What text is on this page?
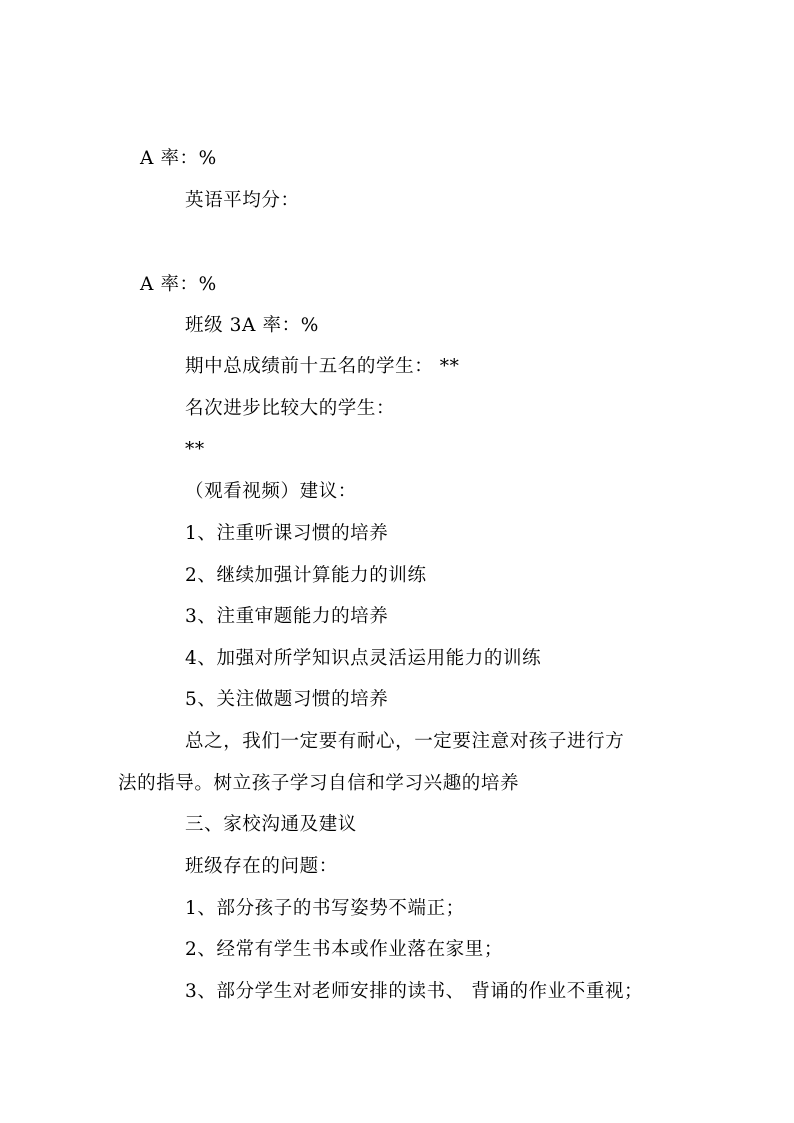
A 率：%
英语平均分：
A 率：%
班级 3A 率：%
期中总成绩前十五名的学生： **
名次进步比较大的学生：
**
（观看视频）建议：
1、注重听课习惯的培养
2、继续加强计算能力的训练
3、注重审题能力的培养
4、加强对所学知识点灵活运用能力的训练
5、关注做题习惯的培养
总之，我们一定要有耐心，一定要注意对孩子进行方
法的指导。树立孩子学习自信和学习兴趣的培养
三、家校沟通及建议
班级存在的问题：
1、部分孩子的书写姿势不端正；
2、经常有学生书本或作业落在家里；
3、部分学生对老师安排的读书、 背诵的作业不重视；
